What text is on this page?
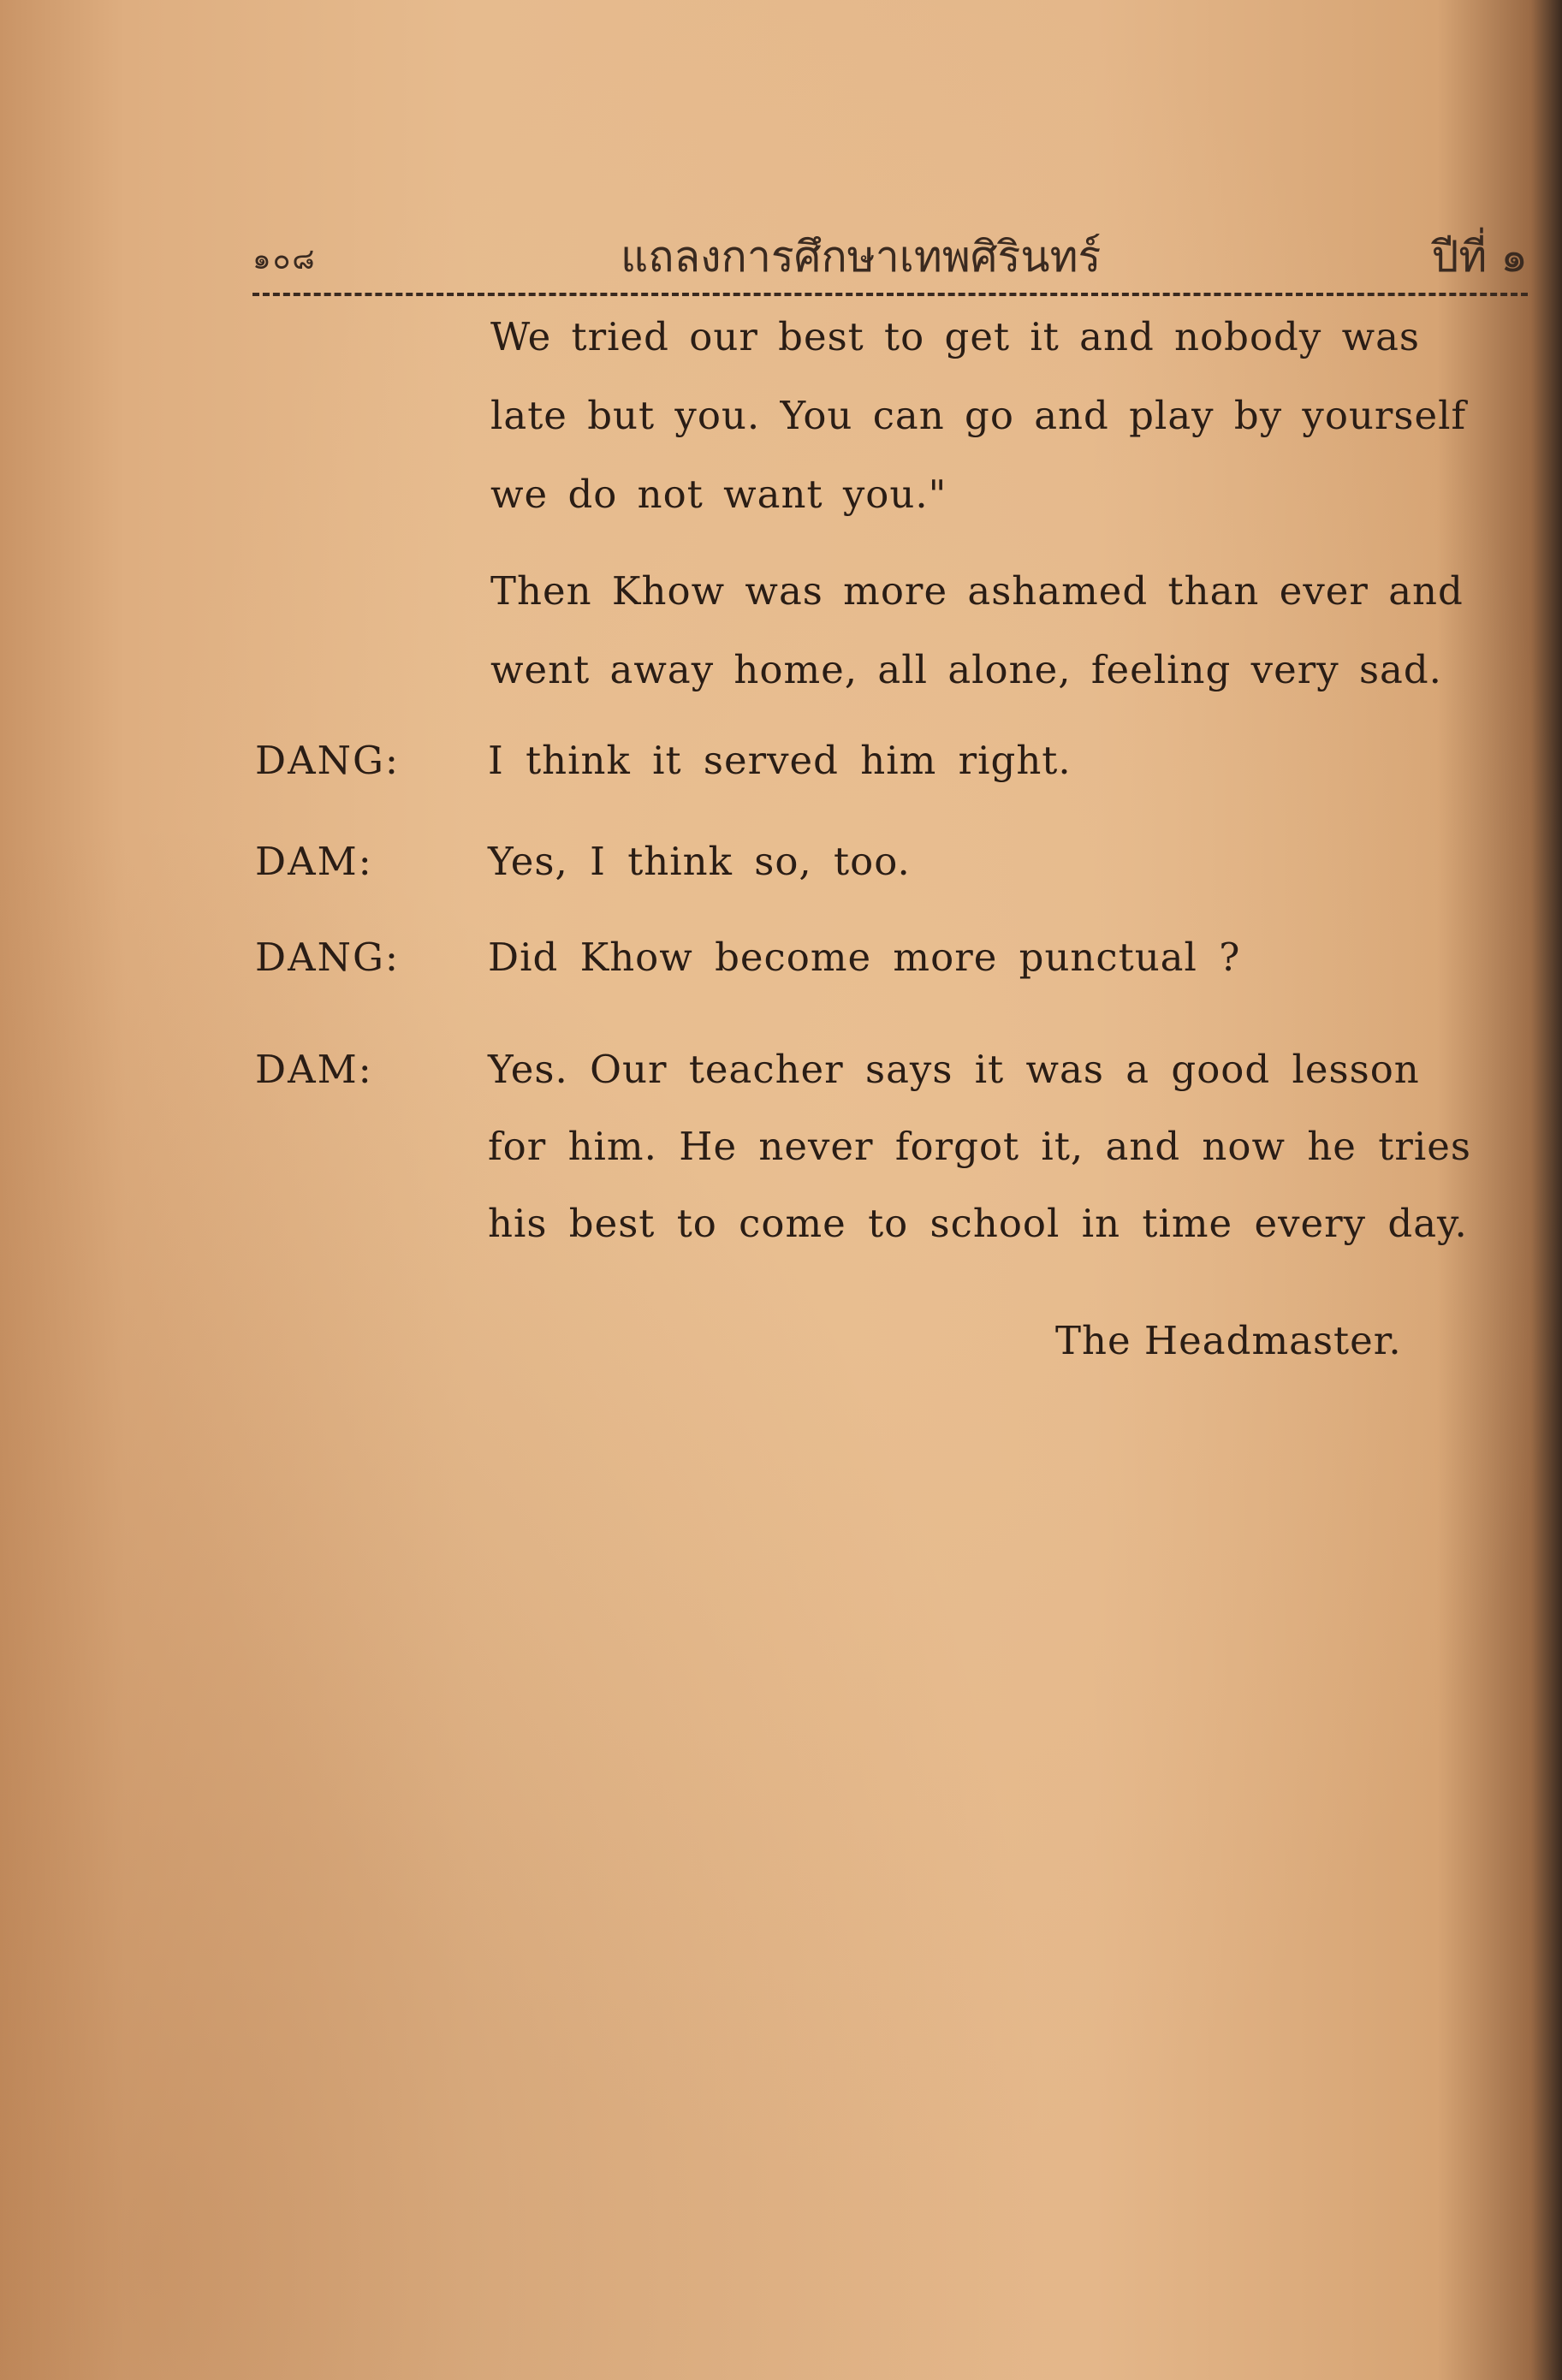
๑๐๘	แถลงการศึกษาเทพศิรินทร์	ปีที่ ๑
We tried our best to get it and nobody was
late but you. You can go and play by yourself
we do not want you."
Then Khow was more ashamed than ever and
went away home, all alone, feeling very sad.
DANG: I think it served him right.
DAM:	Yes, I think so, too.
DANG: Did Khow become more punctual ?
DAM:	Yes. Our teacher says it was a good lesson
for him. He never forgot it, and now he tries
his best to come to school in time every day.
The Headmaster.
